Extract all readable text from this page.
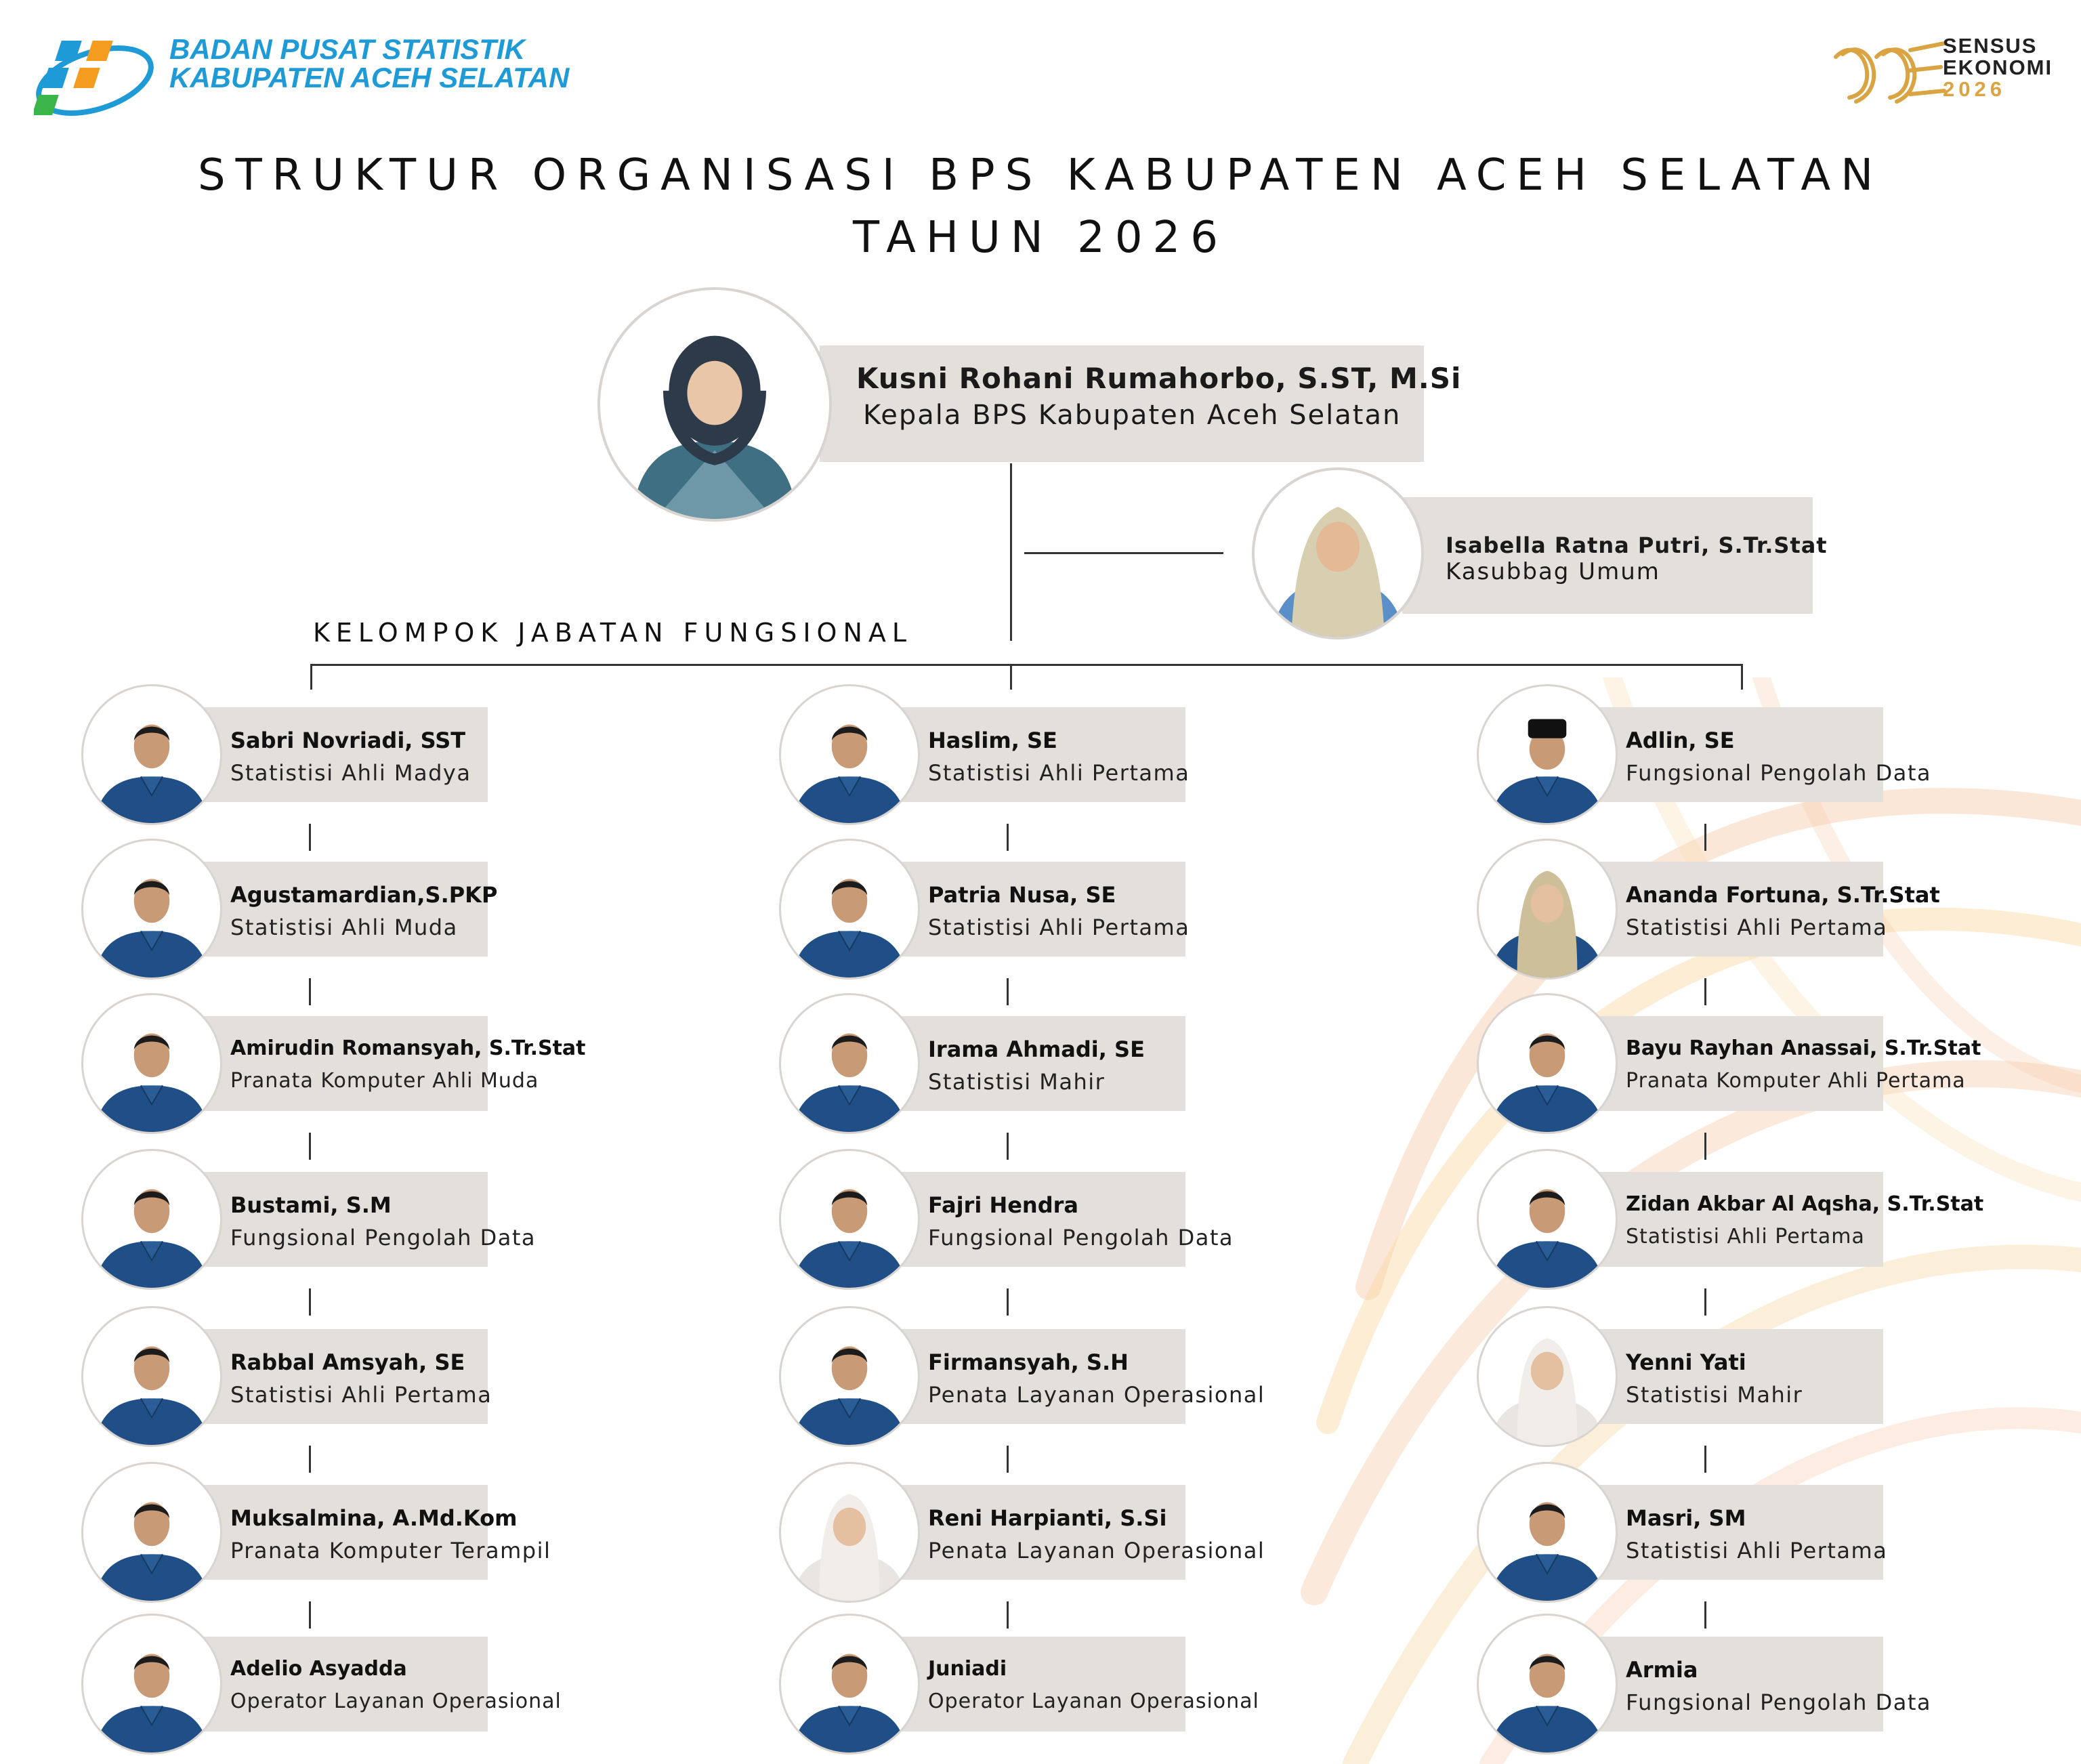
BADAN PUSAT STATISTIK
KABUPATEN ACEH SELATAN
SENSUS
EKONOMI
2026
STRUKTUR ORGANISASI BPS KABUPATEN ACEH SELATAN
TAHUN 2026
KELOMPOK JABATAN FUNGSIONAL
Kusni Rohani Rumahorbo, S.ST, M.Si
Kepala BPS Kabupaten Aceh Selatan
Isabella Ratna Putri, S.Tr.Stat
Kasubbag Umum
Sabri Novriadi, SST
Statistisi Ahli Madya
Agustamardian,S.PKP
Statistisi Ahli Muda
Amirudin Romansyah, S.Tr.Stat
Pranata Komputer Ahli Muda
Bustami, S.M
Fungsional Pengolah Data
Rabbal Amsyah, SE
Statistisi Ahli Pertama
Muksalmina, A.Md.Kom
Pranata Komputer Terampil
Adelio Asyadda
Operator Layanan Operasional
Haslim, SE
Statistisi Ahli Pertama
Patria Nusa, SE
Statistisi Ahli Pertama
Irama Ahmadi, SE
Statistisi Mahir
Fajri Hendra
Fungsional Pengolah Data
Firmansyah, S.H
Penata Layanan Operasional
Reni Harpianti, S.Si
Penata Layanan Operasional
Juniadi
Operator Layanan Operasional
Adlin, SE
Fungsional Pengolah Data
Ananda Fortuna, S.Tr.Stat
Statistisi Ahli Pertama
Bayu Rayhan Anassai, S.Tr.Stat
Pranata Komputer Ahli Pertama
Zidan Akbar Al Aqsha, S.Tr.Stat
Statistisi Ahli Pertama
Yenni Yati
Statistisi Mahir
Masri, SM
Statistisi Ahli Pertama
Armia
Fungsional Pengolah Data
